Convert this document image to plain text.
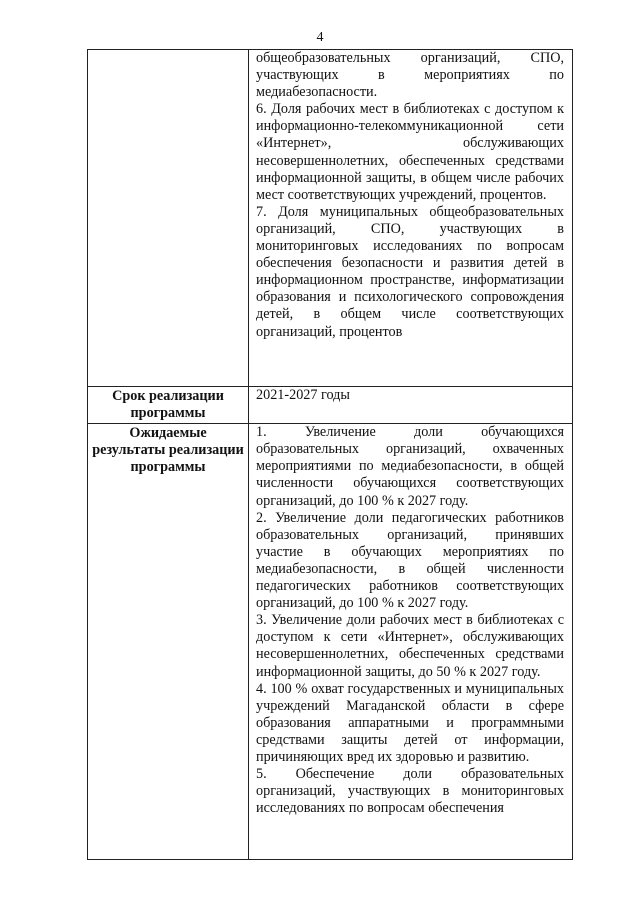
4

	общеобразовательных организаций, СПО, участвующих в мероприятиях по медиабезопасности.
6. Доля рабочих мест в библиотеках с доступом к информационно-телекоммуникационной сети «Интернет», обслуживающих несовершеннолетних, обеспеченных средствами информационной защиты, в общем числе рабочих мест соответствующих учреждений, процентов.
7. Доля муниципальных общеобразовательных организаций, СПО, участвующих в мониторинговых исследованиях по вопросам обеспечения безопасности и развития детей в информационном пространстве, информатизации образования и психологического сопровождения детей, в общем числе соответствующих организаций, процентов

Срок реализации программы	2021-2027 годы

Ожидаемые результаты реализации программы	1. Увеличение доли обучающихся образовательных организаций, охваченных мероприятиями по медиабезопасности, в общей численности обучающихся соответствующих организаций, до 100 % к 2027 году.
2. Увеличение доли педагогических работников образовательных организаций, принявших участие в обучающих мероприятиях по медиабезопасности, в общей численности педагогических работников соответствующих организаций, до 100 % к 2027 году.
3. Увеличение доли рабочих мест в библиотеках с доступом к сети «Интернет», обслуживающих несовершеннолетних, обеспеченных средствами информационной защиты, до 50 % к 2027 году.
4. 100 % охват государственных и муниципальных учреждений Магаданской области в сфере образования аппаратными и программными средствами защиты детей от информации, причиняющих вред их здоровью и развитию.
5. Обеспечение доли образовательных организаций, участвующих в мониторинговых исследованиях по вопросам обеспечения
